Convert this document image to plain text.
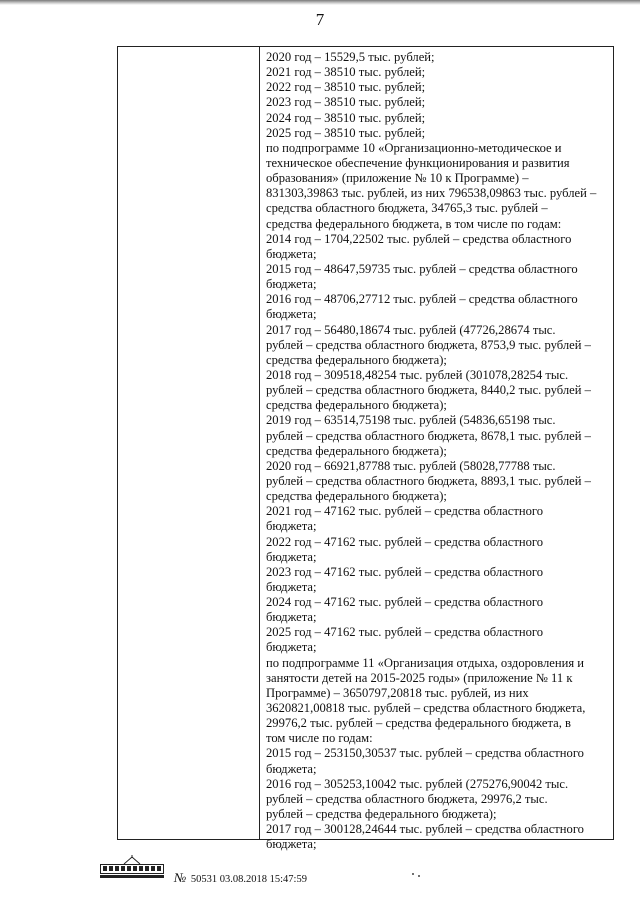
7
2020 год – 15529,5 тыс. рублей;
2021 год – 38510 тыс. рублей;
2022 год – 38510 тыс. рублей;
2023 год – 38510 тыс. рублей;
2024 год – 38510 тыс. рублей;
2025 год – 38510 тыс. рублей;
по подпрограмме 10 «Организационно-методическое и
техническое обеспечение функционирования и развития
образования» (приложение № 10 к Программе) –
831303,39863 тыс. рублей, из них 796538,09863 тыс. рублей –
средства областного бюджета, 34765,3 тыс. рублей –
средства федерального бюджета, в том числе по годам:
2014 год – 1704,22502 тыс. рублей – средства областного
бюджета;
2015 год – 48647,59735 тыс. рублей – средства областного
бюджета;
2016 год – 48706,27712 тыс. рублей – средства областного
бюджета;
2017 год – 56480,18674 тыс. рублей (47726,28674 тыс.
рублей – средства областного бюджета, 8753,9 тыс. рублей –
средства федерального бюджета);
2018 год – 309518,48254 тыс. рублей (301078,28254 тыс.
рублей – средства областного бюджета, 8440,2 тыс. рублей –
средства федерального бюджета);
2019 год – 63514,75198 тыс. рублей (54836,65198 тыс.
рублей – средства областного бюджета, 8678,1 тыс. рублей –
средства федерального бюджета);
2020 год – 66921,87788 тыс. рублей (58028,77788 тыс.
рублей – средства областного бюджета, 8893,1 тыс. рублей –
средства федерального бюджета);
2021 год – 47162 тыс. рублей – средства областного
бюджета;
2022 год – 47162 тыс. рублей – средства областного
бюджета;
2023 год – 47162 тыс. рублей – средства областного
бюджета;
2024 год – 47162 тыс. рублей – средства областного
бюджета;
2025 год – 47162 тыс. рублей – средства областного
бюджета;
по подпрограмме 11 «Организация отдыха, оздоровления и
занятости детей на 2015-2025 годы» (приложение № 11 к
Программе) – 3650797,20818 тыс. рублей, из них
3620821,00818 тыс. рублей – средства областного бюджета,
29976,2 тыс. рублей – средства федерального бюджета, в
том числе по годам:
2015 год – 253150,30537 тыс. рублей – средства областного
бюджета;
2016 год – 305253,10042 тыс. рублей (275276,90042 тыс.
рублей – средства областного бюджета, 29976,2 тыс.
рублей – средства федерального бюджета);
2017 год – 300128,24644 тыс. рублей – средства областного
бюджета;
№ 50531 03.08.2018 15:47:59
